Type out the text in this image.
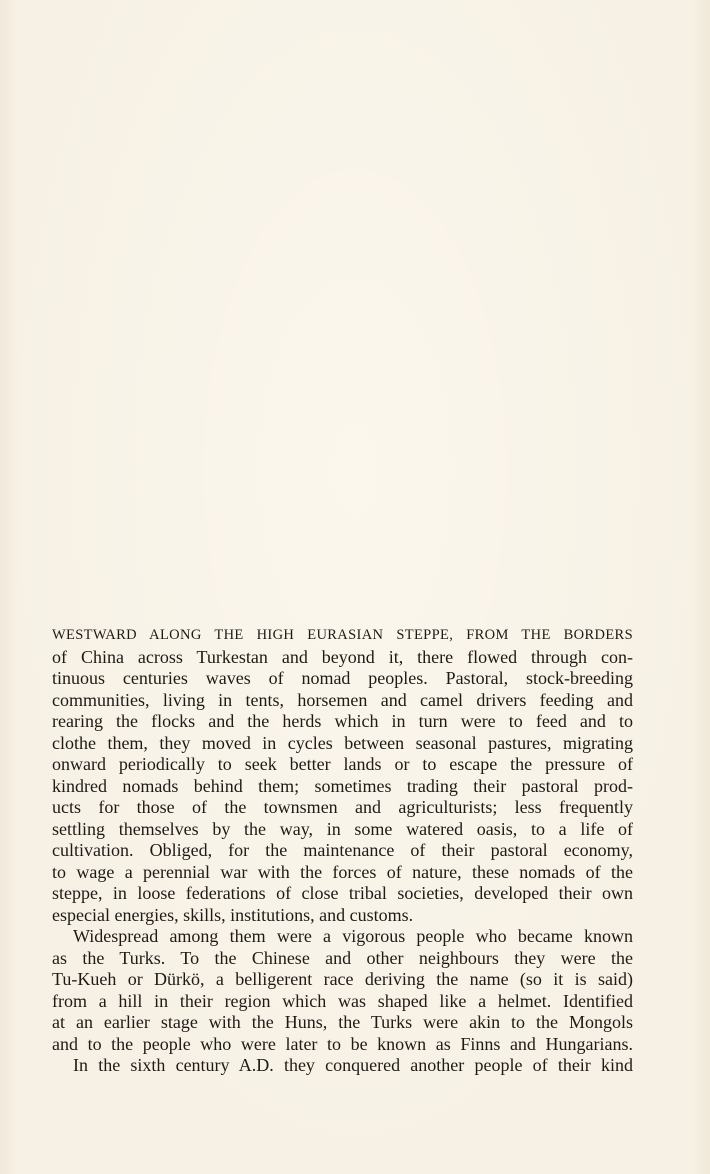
WESTWARD ALONG THE HIGH EURASIAN STEPPE, FROM THE BORDERS
of China across Turkestan and beyond it, there flowed through con-
tinuous centuries waves of nomad peoples. Pastoral, stock-breeding
communities, living in tents, horsemen and camel drivers feeding and
rearing the flocks and the herds which in turn were to feed and to
clothe them, they moved in cycles between seasonal pastures, migrating
onward periodically to seek better lands or to escape the pressure of
kindred nomads behind them; sometimes trading their pastoral prod-
ucts for those of the townsmen and agriculturists; less frequently
settling themselves by the way, in some watered oasis, to a life of
cultivation. Obliged, for the maintenance of their pastoral economy,
to wage a perennial war with the forces of nature, these nomads of the
steppe, in loose federations of close tribal societies, developed their own
especial energies, skills, institutions, and customs.
Widespread among them were a vigorous people who became known
as the Turks. To the Chinese and other neighbours they were the
Tu-Kueh or Dürkö, a belligerent race deriving the name (so it is said)
from a hill in their region which was shaped like a helmet. Identified
at an earlier stage with the Huns, the Turks were akin to the Mongols
and to the people who were later to be known as Finns and Hungarians.
In the sixth century A.D. they conquered another people of their kind
